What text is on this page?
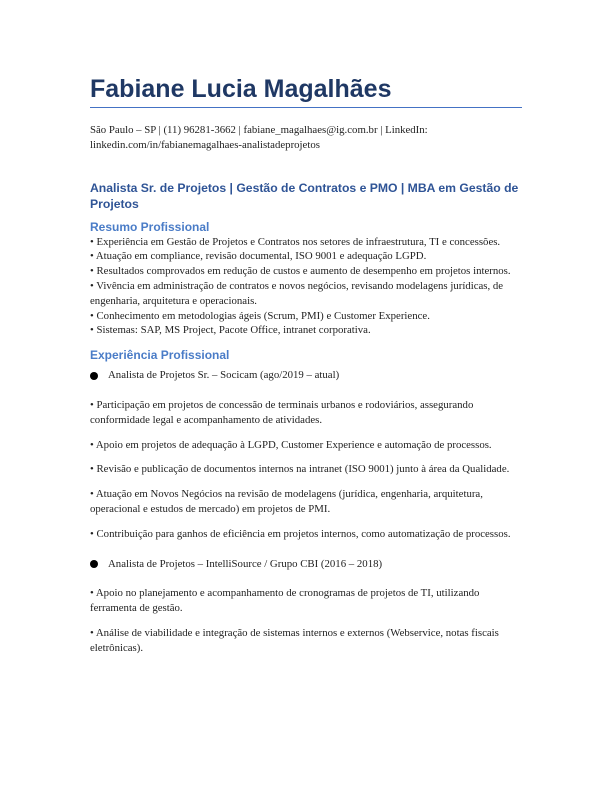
Fabiane Lucia Magalhães
São Paulo – SP | (11) 96281-3662 | fabiane_magalhaes@ig.com.br | LinkedIn:
linkedin.com/in/fabianemagalhaes-analistadeprojetos
Analista Sr. de Projetos | Gestão de Contratos e PMO | MBA em Gestão de Projetos
Resumo Profissional
• Experiência em Gestão de Projetos e Contratos nos setores de infraestrutura, TI e concessões.
• Atuação em compliance, revisão documental, ISO 9001 e adequação LGPD.
• Resultados comprovados em redução de custos e aumento de desempenho em projetos internos.
• Vivência em administração de contratos e novos negócios, revisando modelagens jurídicas, de engenharia, arquitetura e operacionais.
• Conhecimento em metodologias ágeis (Scrum, PMI) e Customer Experience.
• Sistemas: SAP, MS Project, Pacote Office, intranet corporativa.
Experiência Profissional
Analista de Projetos Sr. – Socicam (ago/2019 – atual)
• Participação em projetos de concessão de terminais urbanos e rodoviários, assegurando conformidade legal e acompanhamento de atividades.
• Apoio em projetos de adequação à LGPD, Customer Experience e automação de processos.
• Revisão e publicação de documentos internos na intranet (ISO 9001) junto à área da Qualidade.
• Atuação em Novos Negócios na revisão de modelagens (jurídica, engenharia, arquitetura, operacional e estudos de mercado) em projetos de PMI.
• Contribuição para ganhos de eficiência em projetos internos, como automatização de processos.
Analista de Projetos – IntelliSource / Grupo CBI (2016 – 2018)
• Apoio no planejamento e acompanhamento de cronogramas de projetos de TI, utilizando ferramenta de gestão.
• Análise de viabilidade e integração de sistemas internos e externos (Webservice, notas fiscais eletrônicas).
